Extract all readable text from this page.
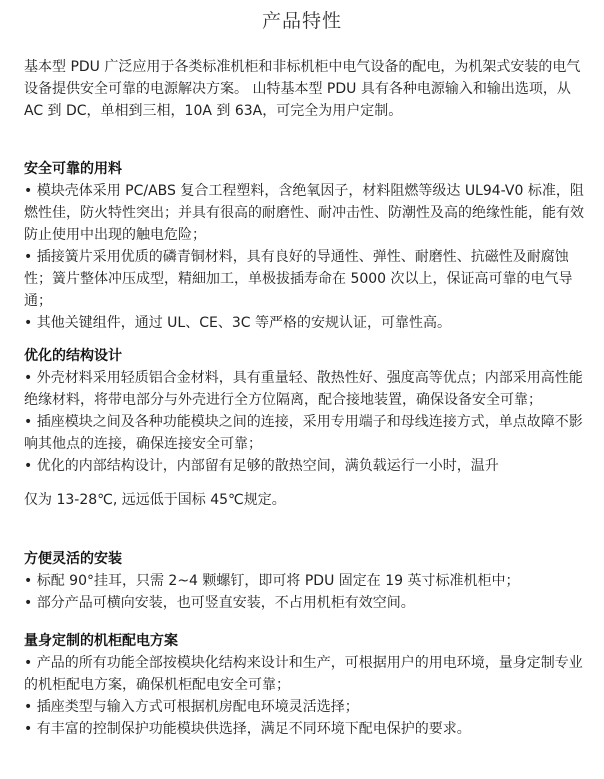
产品特性
基本型 PDU 广泛应用于各类标准机柜和非标机柜中电气设备的配电，为机架式安装的电气设备提供安全可靠的电源解决方案。 山特基本型 PDU 具有各种电源输入和输出选项，从 AC 到 DC，单相到三相，10A 到 63A，可完全为用户定制。
安全可靠的用料

• 模块壳体采用 PC/ABS 复合工程塑料，含绝氧因子，材料阻燃等级达 UL94-V0 标准，阻燃性佳，防火特性突出；并具有很高的耐磨性、耐冲击性、防潮性及高的绝缘性能，能有效防止使用中出现的触电危险；

• 插接簧片采用优质的磷青铜材料，具有良好的导通性、弹性、耐磨性、抗磁性及耐腐蚀性；簧片整体冲压成型，精細加工，单极拔插寿命在 5000 次以上，保证高可靠的电气导通；

• 其他关键组件，通过 UL、CE、3C 等严格的安规认证，可靠性高。

优化的结构设计

• 外壳材料采用轻质铝合金材料，具有重量轻、散热性好、强度高等优点；内部采用高性能绝缘材料，将带电部分与外壳进行全方位隔离，配合接地装置，确保设备安全可靠；

• 插座模块之间及各种功能模块之间的连接，采用专用端子和母线连接方式，单点故障不影响其他点的连接，确保连接安全可靠；

• 优化的内部结构设计，内部留有足够的散热空间，满负载运行一小时，温升

仅为 13-28℃, 远远低于国标 45℃规定。

方便灵活的安装

• 标配 90°挂耳，只需 2~4 颗螺钉，即可将 PDU 固定在 19 英寸标准机柜中；

• 部分产品可横向安装，也可竖直安装，不占用机柜有效空间。

量身定制的机柜配电方案

• 产品的所有功能全部按模块化结构来设计和生产，可根据用户的用电环境，量身定制专业的机柜配电方案，确保机柜配电安全可靠；

• 插座类型与输入方式可根据机房配电环境灵活选择；

• 有丰富的控制保护功能模块供选择，满足不同环境下配电保护的要求。
